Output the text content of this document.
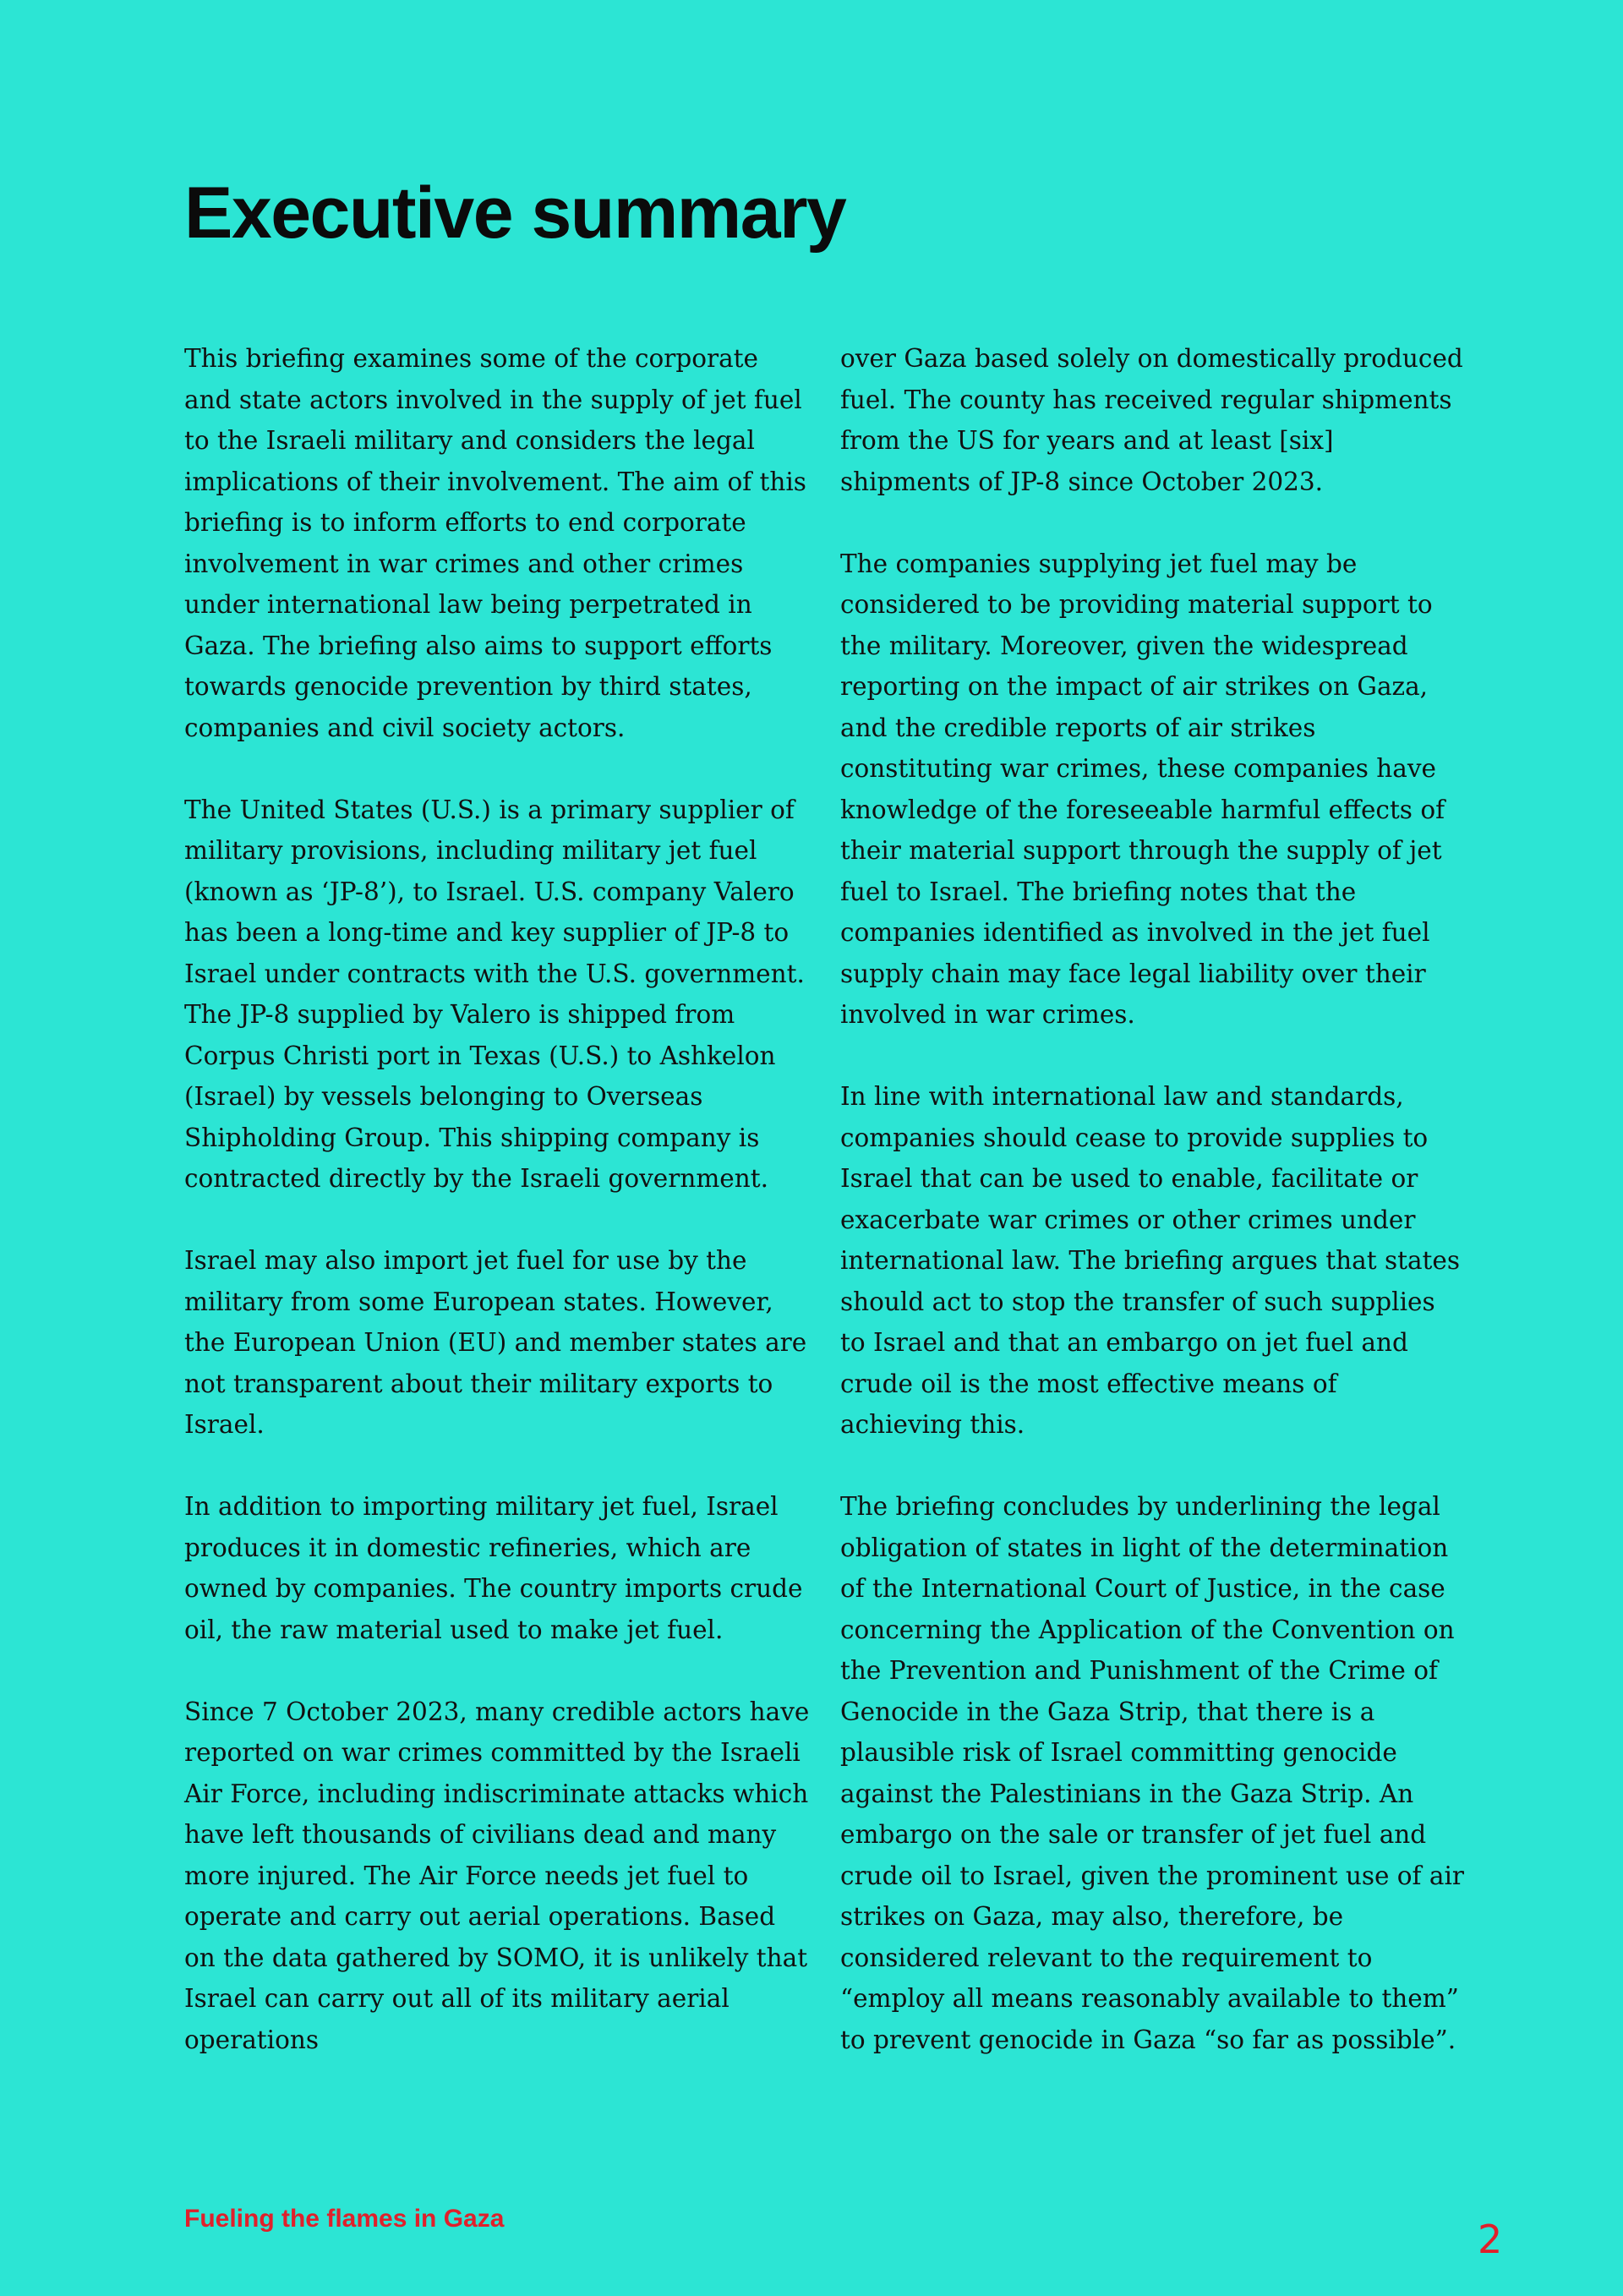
Executive summary

This briefing examines some of the corporate and state actors involved in the supply of jet fuel to the Israeli military and considers the legal implications of their involvement. The aim of this briefing is to inform efforts to end corporate involvement in war crimes and other crimes under international law being perpetrated in Gaza. The briefing also aims to support efforts towards genocide prevention by third states, companies and civil society actors.

The United States (U.S.) is a primary supplier of military provisions, including military jet fuel (known as ‘JP-8’), to Israel. U.S. company Valero has been a long-time and key supplier of JP-8 to Israel under contracts with the U.S. government. The JP-8 supplied by Valero is shipped from Corpus Christi port in Texas (U.S.) to Ashkelon (Israel) by vessels belonging to Overseas Shipholding Group. This shipping company is contracted directly by the Israeli government.

Israel may also import jet fuel for use by the military from some European states. However, the European Union (EU) and member states are not transparent about their military exports to Israel.

In addition to importing military jet fuel, Israel produces it in domestic refineries, which are owned by companies. The country imports crude oil, the raw material used to make jet fuel.

Since 7 October 2023, many credible actors have reported on war crimes committed by the Israeli Air Force, including indiscriminate attacks which have left thousands of civilians dead and many more injured. The Air Force needs jet fuel to operate and carry out aerial operations. Based on the data gathered by SOMO, it is unlikely that Israel can carry out all of its military aerial operations

over Gaza based solely on domestically produced fuel. The county has received regular shipments from the US for years and at least [six] shipments of JP-8 since October 2023.

The companies supplying jet fuel may be considered to be providing material support to the military. Moreover, given the widespread reporting on the impact of air strikes on Gaza, and the credible reports of air strikes constituting war crimes, these companies have knowledge of the foreseeable harmful effects of their material support through the supply of jet fuel to Israel. The briefing notes that the companies identified as involved in the jet fuel supply chain may face legal liability over their involved in war crimes.

In line with international law and standards, companies should cease to provide supplies to Israel that can be used to enable, facilitate or exacerbate war crimes or other crimes under international law. The briefing argues that states should act to stop the transfer of such supplies to Israel and that an embargo on jet fuel and crude oil is the most effective means of achieving this.

The briefing concludes by underlining the legal obligation of states in light of the determination of the International Court of Justice, in the case concerning the Application of the Convention on the Prevention and Punishment of the Crime of Genocide in the Gaza Strip, that there is a plausible risk of Israel committing genocide against the Palestinians in the Gaza Strip. An embargo on the sale or transfer of jet fuel and crude oil to Israel, given the prominent use of air strikes on Gaza, may also, therefore, be considered relevant to the requirement to “employ all means reasonably available to them” to prevent genocide in Gaza “so far as possible”.

Fueling the flames in Gaza	2
